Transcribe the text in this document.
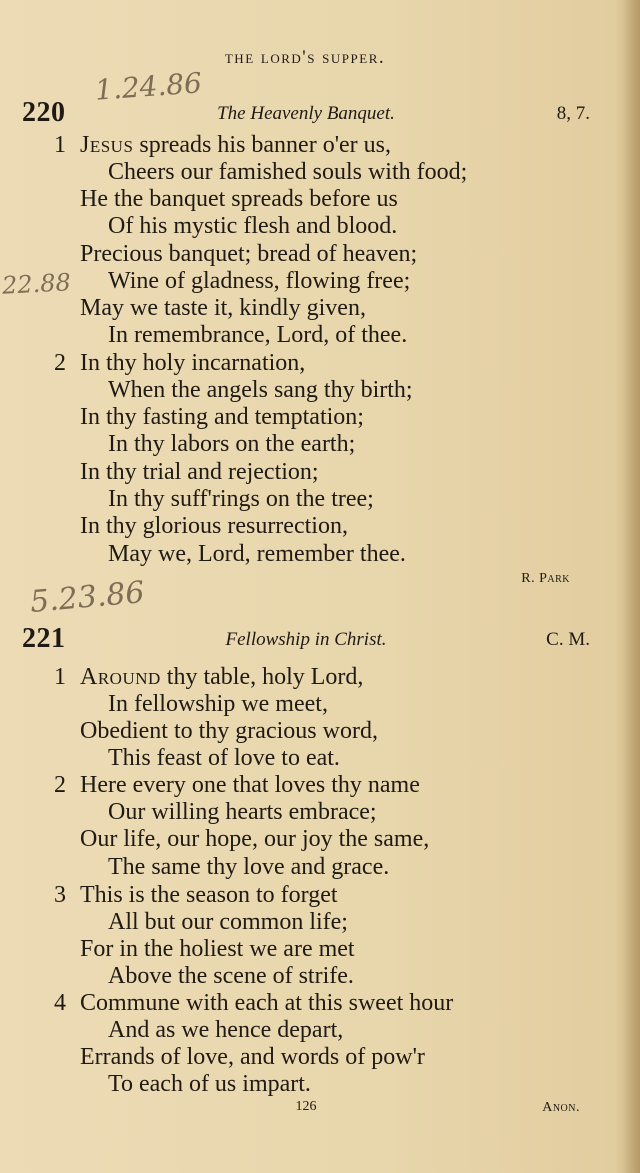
the lord's supper.
1.24.86
22.88
5.23.86
220	The Heavenly Banquet.	8, 7.
1 Jesus spreads his banner o'er us,
Cheers our famished souls with food;
He the banquet spreads before us
Of his mystic flesh and blood.
Precious banquet; bread of heaven;
Wine of gladness, flowing free;
May we taste it, kindly given,
In remembrance, Lord, of thee.
2 In thy holy incarnation,
When the angels sang thy birth;
In thy fasting and temptation;
In thy labors on the earth;
In thy trial and rejection;
In thy suff'rings on the tree;
In thy glorious resurrection,
May we, Lord, remember thee.
R. Park
221	Fellowship in Christ.	C. M.
1 Around thy table, holy Lord,
In fellowship we meet,
Obedient to thy gracious word,
This feast of love to eat.
2 Here every one that loves thy name
Our willing hearts embrace;
Our life, our hope, our joy the same,
The same thy love and grace.
3 This is the season to forget
All but our common life;
For in the holiest we are met
Above the scene of strife.
4 Commune with each at this sweet hour
And as we hence depart,
Errands of love, and words of pow'r
To each of us impart.
126	Anon.
